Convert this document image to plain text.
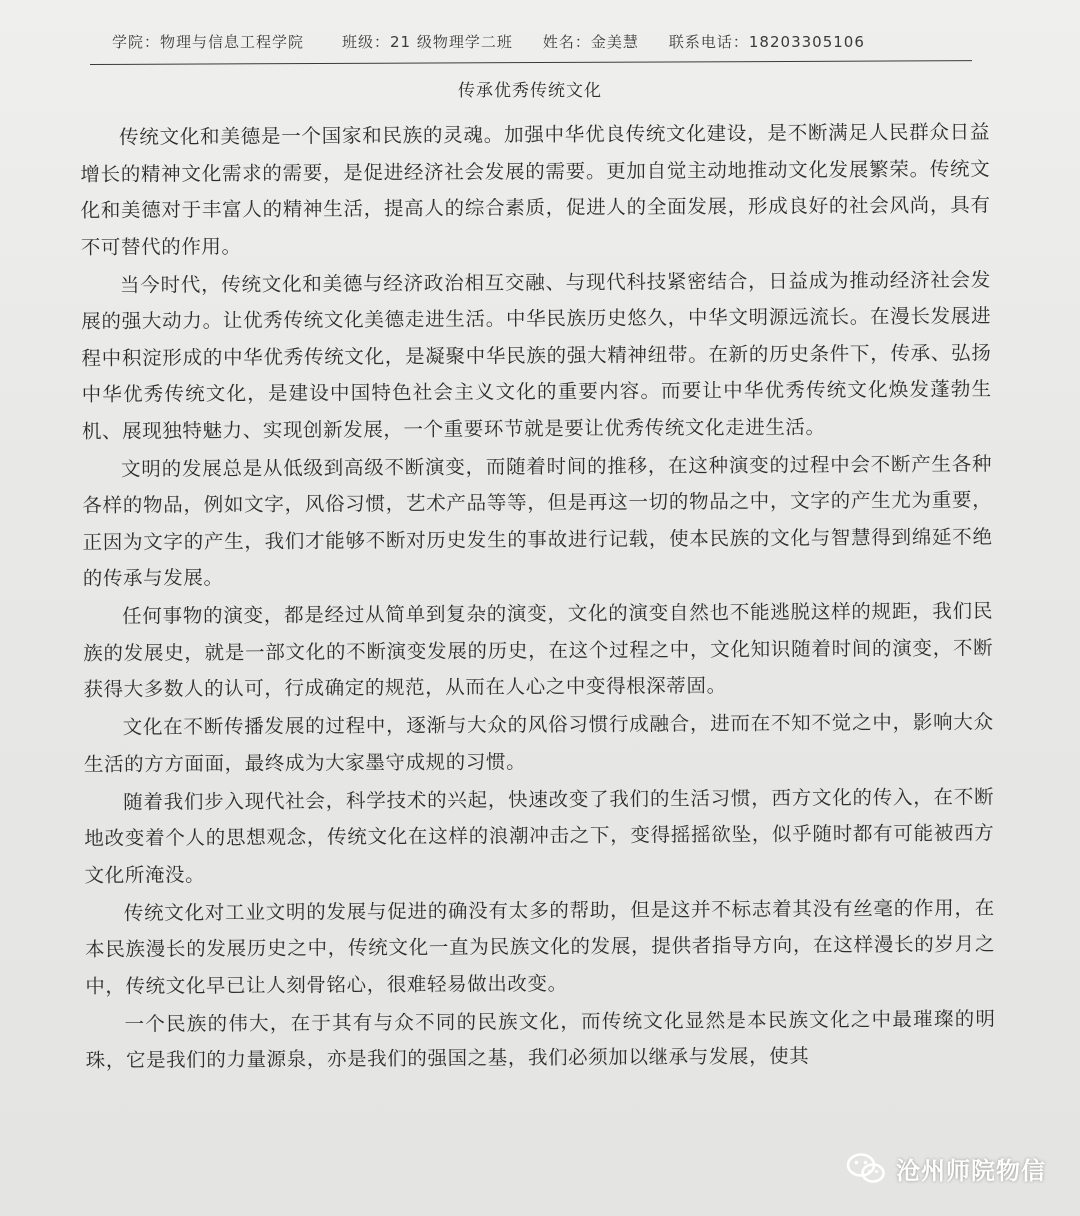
学院：物理与信息工程学院	班级：21 级物理学二班 姓名：金美慧 联系电话：18203305106
传承优秀传统文化

传统文化和美德是一个国家和民族的灵魂。加强中华优良传统文化建设，是不断满足人民群众日益增长的精神文化需求的需要，是促进经济社会发展的需要。更加自觉主动地推动文化发展繁荣。传统文化和美德对于丰富人的精神生活，提高人的综合素质，促进人的全面发展，形成良好的社会风尚，具有不可替代的作用。

当今时代，传统文化和美德与经济政治相互交融、与现代科技紧密结合，日益成为推动经济社会发展的强大动力。让优秀传统文化美德走进生活。中华民族历史悠久，中华文明源远流长。在漫长发展进程中积淀形成的中华优秀传统文化，是凝聚中华民族的强大精神纽带。在新的历史条件下，传承、弘扬中华优秀传统文化，是建设中国特色社会主义文化的重要内容。而要让中华优秀传统文化焕发蓬勃生机、展现独特魅力、实现创新发展，一个重要环节就是要让优秀传统文化走进生活。

文明的发展总是从低级到高级不断演变，而随着时间的推移，在这种演变的过程中会不断产生各种各样的物品，例如文字，风俗习惯，艺术产品等等，但是再这一切的物品之中，文字的产生尤为重要，正因为文字的产生，我们才能够不断对历史发生的事故进行记载，使本民族的文化与智慧得到绵延不绝的传承与发展。

任何事物的演变，都是经过从简单到复杂的演变，文化的演变自然也不能逃脱这样的规距，我们民族的发展史，就是一部文化的不断演变发展的历史，在这个过程之中，文化知识随着时间的演变，不断获得大多数人的认可，行成确定的规范，从而在人心之中变得根深蒂固。

文化在不断传播发展的过程中，逐渐与大众的风俗习惯行成融合，进而在不知不觉之中，影响大众生活的方方面面，最终成为大家墨守成规的习惯。

随着我们步入现代社会，科学技术的兴起，快速改变了我们的生活习惯，西方文化的传入，在不断地改变着个人的思想观念，传统文化在这样的浪潮冲击之下，变得摇摇欲坠，似乎随时都有可能被西方文化所淹没。

传统文化对工业文明的发展与促进的确没有太多的帮助，但是这并不标志着其没有丝毫的作用，在本民族漫长的发展历史之中，传统文化一直为民族文化的发展，提供者指导方向，在这样漫长的岁月之中，传统文化早已让人刻骨铭心，很难轻易做出改变。

一个民族的伟大，在于其有与众不同的民族文化，而传统文化显然是本民族文化之中最璀璨的明珠，它是我们的力量源泉，亦是我们的强国之基，我们必须加以继承与发展，使其

沧州师院物信
